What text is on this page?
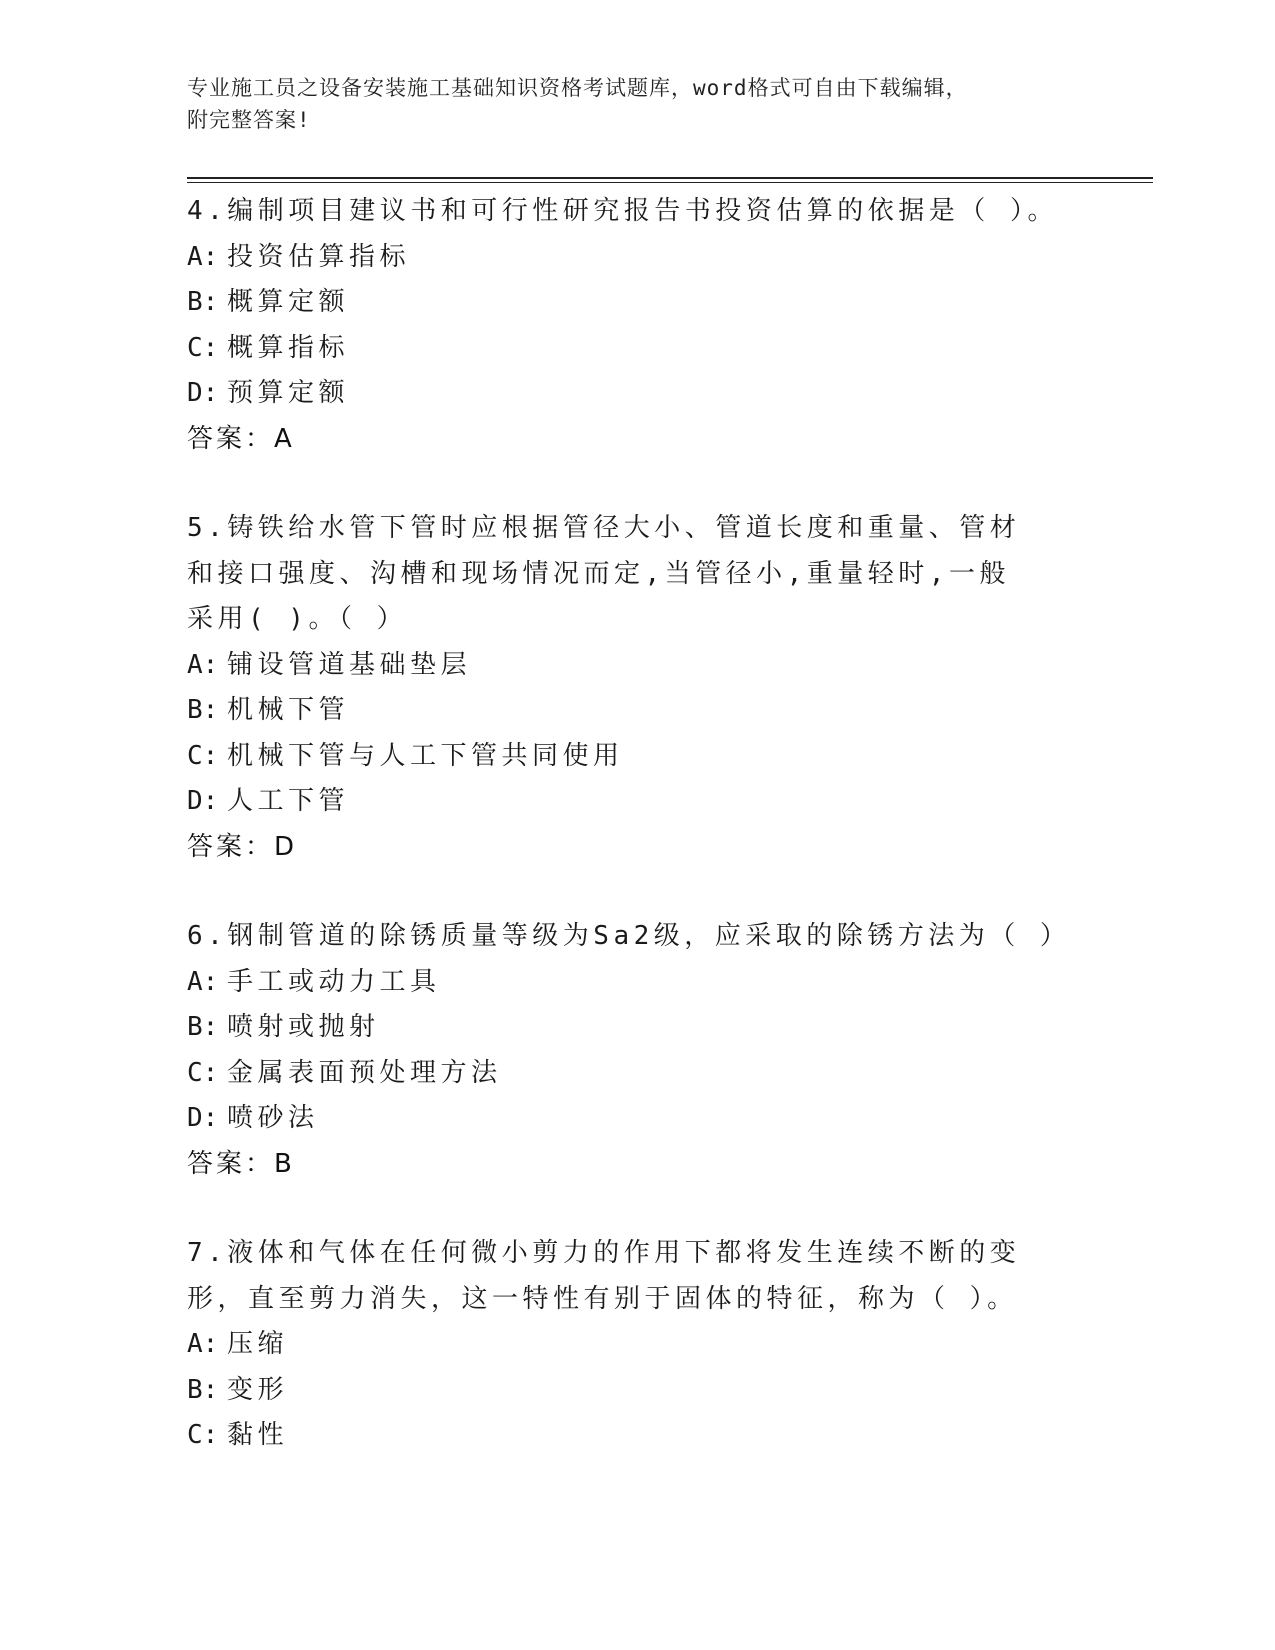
专业施工员之设备安装施工基础知识资格考试题库，word格式可自由下载编辑，
附完整答案!
4.编制项目建议书和可行性研究报告书投资估算的依据是（ ）。
A: 投资估算指标
B: 概算定额
C: 概算指标
D: 预算定额
答案：A
5.铸铁给水管下管时应根据管径大小、管道长度和重量、管材和接口强度、沟槽和现场情况而定,当管径小,重量轻时,一般采用( )。（ ）
A: 铺设管道基础垫层
B: 机械下管
C: 机械下管与人工下管共同使用
D: 人工下管
答案：D
6.钢制管道的除锈质量等级为Sa2级，应采取的除锈方法为（ ）
A: 手工或动力工具
B: 喷射或抛射
C: 金属表面预处理方法
D: 喷砂法
答案：B
7.液体和气体在任何微小剪力的作用下都将发生连续不断的变形，直至剪力消失，这一特性有别于固体的特征，称为（ ）。
A: 压缩
B: 变形
C: 黏性
